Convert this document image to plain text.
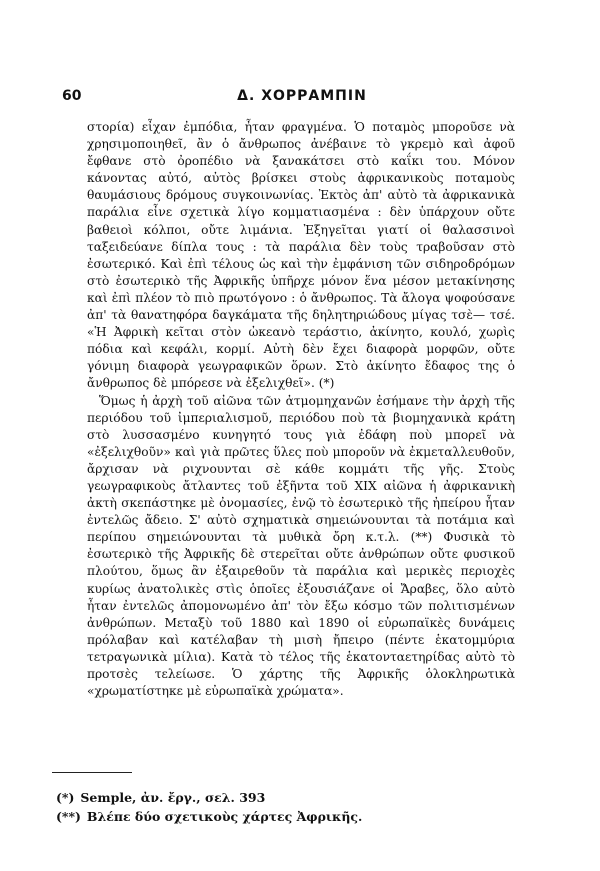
60	Δ. ΧΟΡΡΑΜΠΙΝ

στορία) εἶχαν ἐμπόδια, ἦταν φραγμένα. Ὁ ποταμὸς μποροῦσε νὰ χρησιμοποιηθεῖ, ἂν ὁ ἄνθρωπος ἀνέβαινε τὸ γκρεμὸ καὶ ἀφοῦ ἔφθανε στὸ ὀροπέδιο νὰ ξανακάτσει στὸ καΐκι του. Μόνον κάνοντας αὐτό, αὐτὸς βρίσκει στοὺς ἀφρικανικοὺς ποταμοὺς θαυμάσιους δρόμους συγκοινωνίας. Ἐκτὸς ἀπ' αὐτὸ τὰ ἀφρικανικὰ παράλια εἶνε σχετικὰ λίγο κομματιασμένα : δὲν ὑπάρχουν οὔτε βαθειοὶ κόλποι, οὔτε λιμάνια. Ἐξηγεῖται γιατί οἱ θαλασσινοὶ ταξειδεύανε δίπλα τους : τὰ παράλια δὲν τοὺς τραβοῦσαν στὸ ἐσωτερικό. Καὶ ἐπὶ τέλους ὡς καὶ τὴν ἐμφάνιση τῶν σιδηροδρόμων στὸ ἐσωτερικὸ τῆς Ἀφρικῆς ὑπῆρχε μόνον ἕνα μέσον μετακίνησης καὶ ἐπὶ πλέον τὸ πιὸ πρωτόγονο : ὁ ἄνθρωπος. Τὰ ἄλογα ψοφούσανε ἀπ' τὰ θανατηφόρα δαγκάματα τῆς δηλητηριώδους μίγας τσὲ— τσέ. «Ἡ Ἀφρικὴ κεῖται στὸν ὠκεανὸ τεράστιο, ἀκίνητο, κουλό, χωρὶς πόδια καὶ κεφάλι, κορμί. Αὐτὴ δὲν ἔχει διαφορὰ μορφῶν, οὔτε γόνιμη διαφορὰ γεωγραφικῶν ὅρων. Στὸ ἀκίνητο ἔδαφος της ὁ ἄνθρωπος δὲ μπόρεσε νὰ ἐξελιχθεῖ». (*)

Ὅμως ἡ ἀρχὴ τοῦ αἰῶνα τῶν ἀτμομηχανῶν ἐσήμανε τὴν ἀρχὴ τῆς περιόδου τοῦ ἰμπεριαλισμοῦ, περιόδου ποὺ τὰ βιομηχανικὰ κράτη στὸ λυσσασμένο κυνηγητό τους γιὰ ἐδάφη ποὺ μπορεῖ νὰ «ἐξελιχθοῦν» καὶ γιὰ πρῶτες ὕλες ποὺ μποροῦν νὰ ἐκμεταλλευθοῦν, ἄρχισαν νὰ ριχνουνται σὲ κάθε κομμάτι τῆς γῆς. Στοὺς γεωγραφικοὺς ἄτλαντες τοῦ ἐξῆντα τοῦ XIX αἰῶνα ἡ ἀφρικανικὴ ἀκτὴ σκεπάστηκε μὲ ὀνομασίες, ἐνῷ τὸ ἐσωτερικὸ τῆς ἠπείρου ἦταν ἐντελῶς ἄδειο. Σ' αὐτὸ σχηματικὰ σημειώνουνται τὰ ποτάμια καὶ περίπου σημειώνουνται τὰ μυθικὰ ὄρη κ.τ.λ. (**) Φυσικὰ τὸ ἐσωτερικὸ τῆς Ἀφρικῆς δὲ στερεῖται οὔτε ἀνθρώπων οὔτε φυσικοῦ πλούτου, ὅμως ἂν ἐξαιρεθοῦν τὰ παράλια καὶ μερικὲς περιοχὲς κυρίως ἀνατολικὲς στὶς ὁποῖες ἐξουσιάζανε οἱ Ἄραβες, ὅλο αὐτὸ ἦταν ἐντελῶς ἀπομονωμένο ἀπ' τὸν ἔξω κόσμο τῶν πολιτισμένων ἀνθρώπων. Μεταξὺ τοῦ 1880 καὶ 1890 οἱ εὐρωπαϊκὲς δυνάμεις πρόλαβαν καὶ κατέλαβαν τὴ μισὴ ἤπειρο (πέντε ἑκατομμύρια τετραγωνικὰ μίλια). Κατὰ τὸ τέλος τῆς ἑκατονταετηρίδας αὐτὸ τὸ προτσὲς τελείωσε. Ὁ χάρτης τῆς Ἀφρικῆς ὁλοκληρωτικὰ «χρωματίστηκε μὲ εὐρωπαϊκὰ χρώματα».

(*) Semple, ἀν. ἔργ., σελ. 393
(**) Βλέπε δύο σχετικοὺς χάρτες Ἀφρικῆς.
